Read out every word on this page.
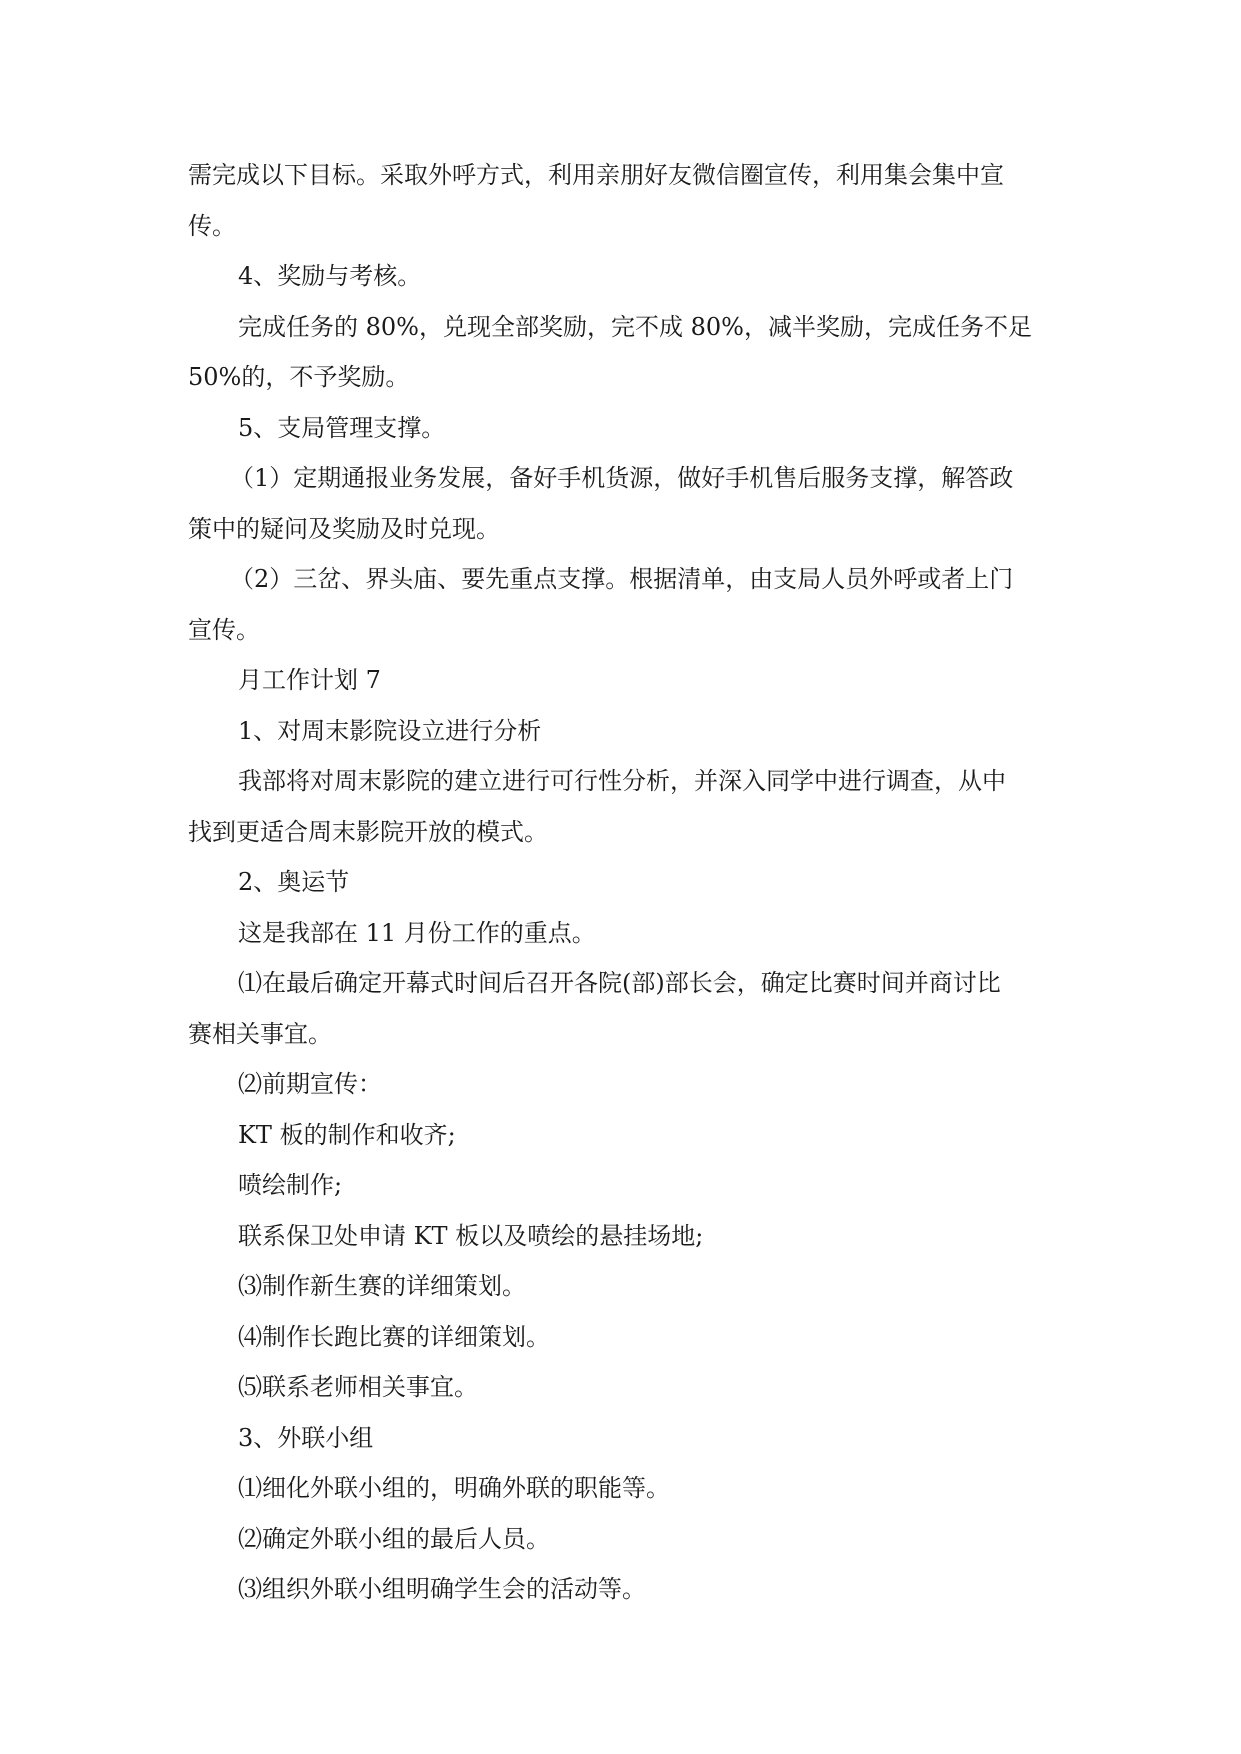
需完成以下目标。采取外呼方式，利用亲朋好友微信圈宣传，利用集会集中宣
传。
4、奖励与考核。
完成任务的 80%，兑现全部奖励，完不成 80%，减半奖励，完成任务不足
50%的，不予奖励。
5、支局管理支撑。
（1）定期通报业务发展，备好手机货源，做好手机售后服务支撑，解答政
策中的疑问及奖励及时兑现。
（2）三岔、界头庙、要先重点支撑。根据清单，由支局人员外呼或者上门
宣传。
月工作计划 7
1、对周末影院设立进行分析
我部将对周末影院的建立进行可行性分析，并深入同学中进行调查，从中
找到更适合周末影院开放的模式。
2、奥运节
这是我部在 11 月份工作的重点。
⑴在最后确定开幕式时间后召开各院(部)部长会，确定比赛时间并商讨比
赛相关事宜。
⑵前期宣传：
KT 板的制作和收齐;
喷绘制作;
联系保卫处申请 KT 板以及喷绘的悬挂场地;
⑶制作新生赛的详细策划。
⑷制作长跑比赛的详细策划。
⑸联系老师相关事宜。
3、外联小组
⑴细化外联小组的，明确外联的职能等。
⑵确定外联小组的最后人员。
⑶组织外联小组明确学生会的活动等。
